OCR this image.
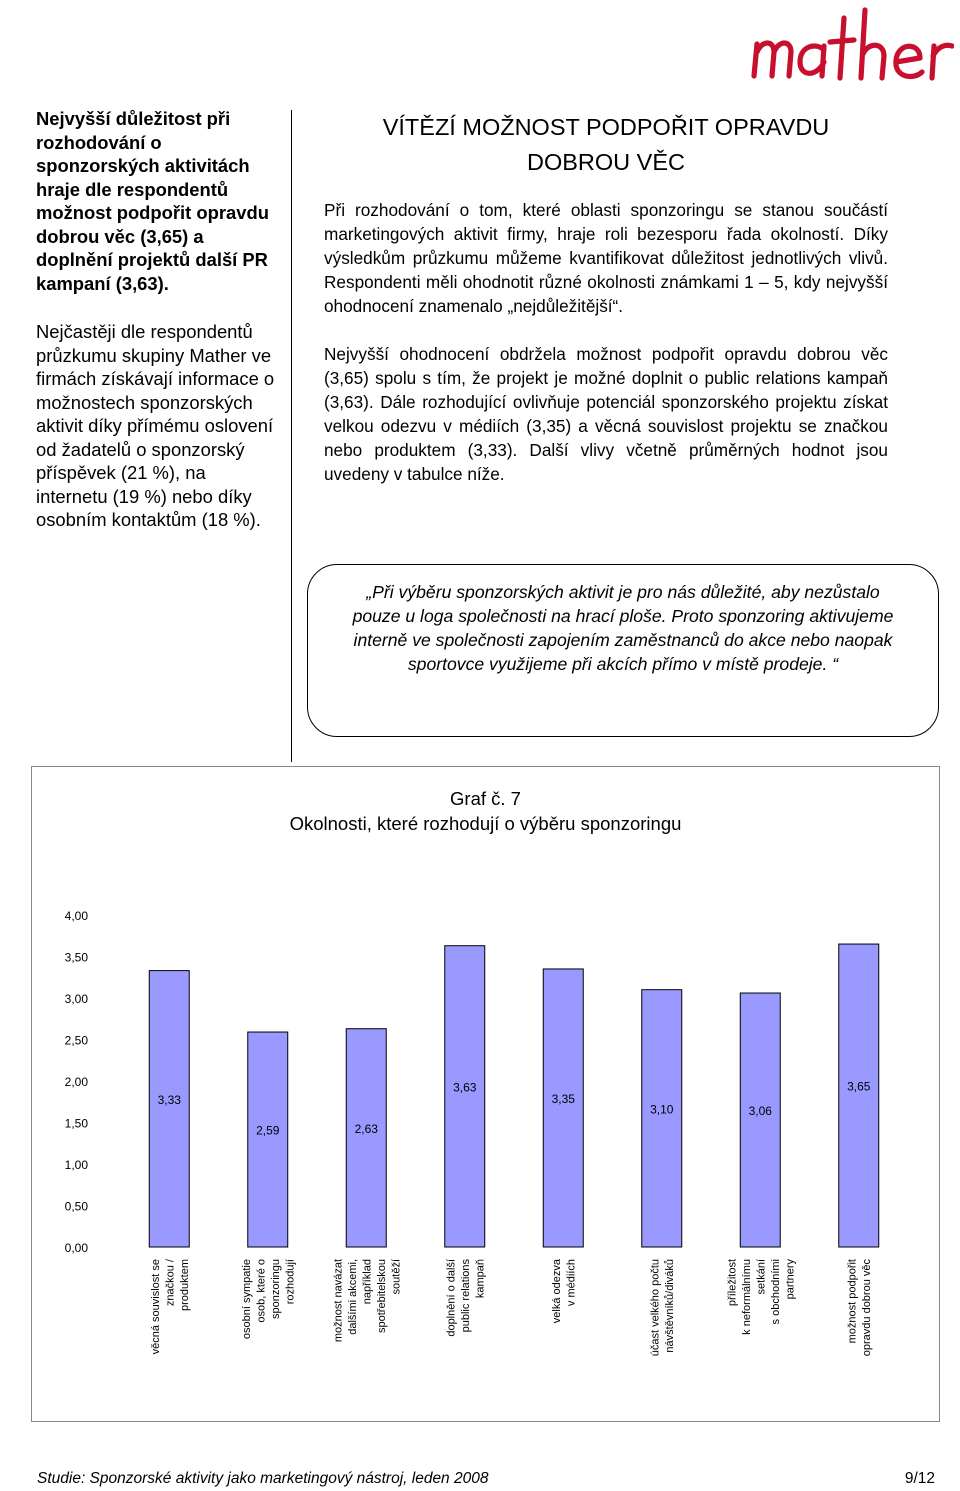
Nejvyšší důležitost při rozhodování o sponzorských aktivitách hraje dle respondentů možnost podpořit opravdu dobrou věc (3,65) a doplnění projektů další PR kampaní (3,63).

Nejčastěji dle respondentů průzkumu skupiny Mather ve firmách získávají informace o možnostech sponzorských aktivit díky přímému oslovení od žadatelů o sponzorský příspěvek (21 %), na internetu (19 %) nebo díky osobním kontaktům (18 %).

VÍTĚZÍ MOŽNOST PODPOŘIT OPRAVDU
DOBROU VĚC

Při rozhodování o tom, které oblasti sponzoringu se stanou součástí marketingových aktivit firmy, hraje roli bezesporu řada okolností. Díky výsledkům průzkumu můžeme kvantifikovat důležitost jednotlivých vlivů. Respondenti měli ohodnotit různé okolnosti známkami 1 – 5, kdy nejvyšší ohodnocení znamenalo „nejdůležitější“.

Nejvyšší ohodnocení obdržela možnost podpořit opravdu dobrou věc (3,65) spolu s tím, že projekt je možné doplnit o public relations kampaň (3,63). Dále rozhodující ovlivňuje potenciál sponzorského projektu získat velkou odezvu v médiích (3,35) a věcná souvislost projektu se značkou nebo produktem (3,33). Další vlivy včetně průměrných hodnot jsou uvedeny v tabulce níže.

„Při výběru sponzorských aktivit je pro nás důležité, aby nezůstalo pouze u loga společnosti na hrací ploše. Proto sponzoring aktivujeme interně ve společnosti zapojením zaměstnanců do akce nebo naopak sportovce využijeme při akcích přímo v místě prodeje. “

Graf č. 7
Okolnosti, které rozhodují o výběru sponzoringu
0,00
0,50
1,00
1,50
2,00
2,50
3,00
3,50
4,00
3,33
věcná souvislost se značkou / produktem
2,59
osobní sympatie osob, které o sponzoringu rozhodují
2,63
možnost navázat dalšími akcemi, například spotřebitelskou soutěží
3,63
doplnění o další public relations kampaň
3,35
velká odezva v médiích
3,10
účast velkého počtu návštěvníků/diváků
3,06
příležitost k neformálnímu setkání s obchodními partnery
3,65
možnost podpořit opravdu dobrou věc
Studie: Sponzorské aktivity jako marketingový nástroj, leden 2008	9/12
